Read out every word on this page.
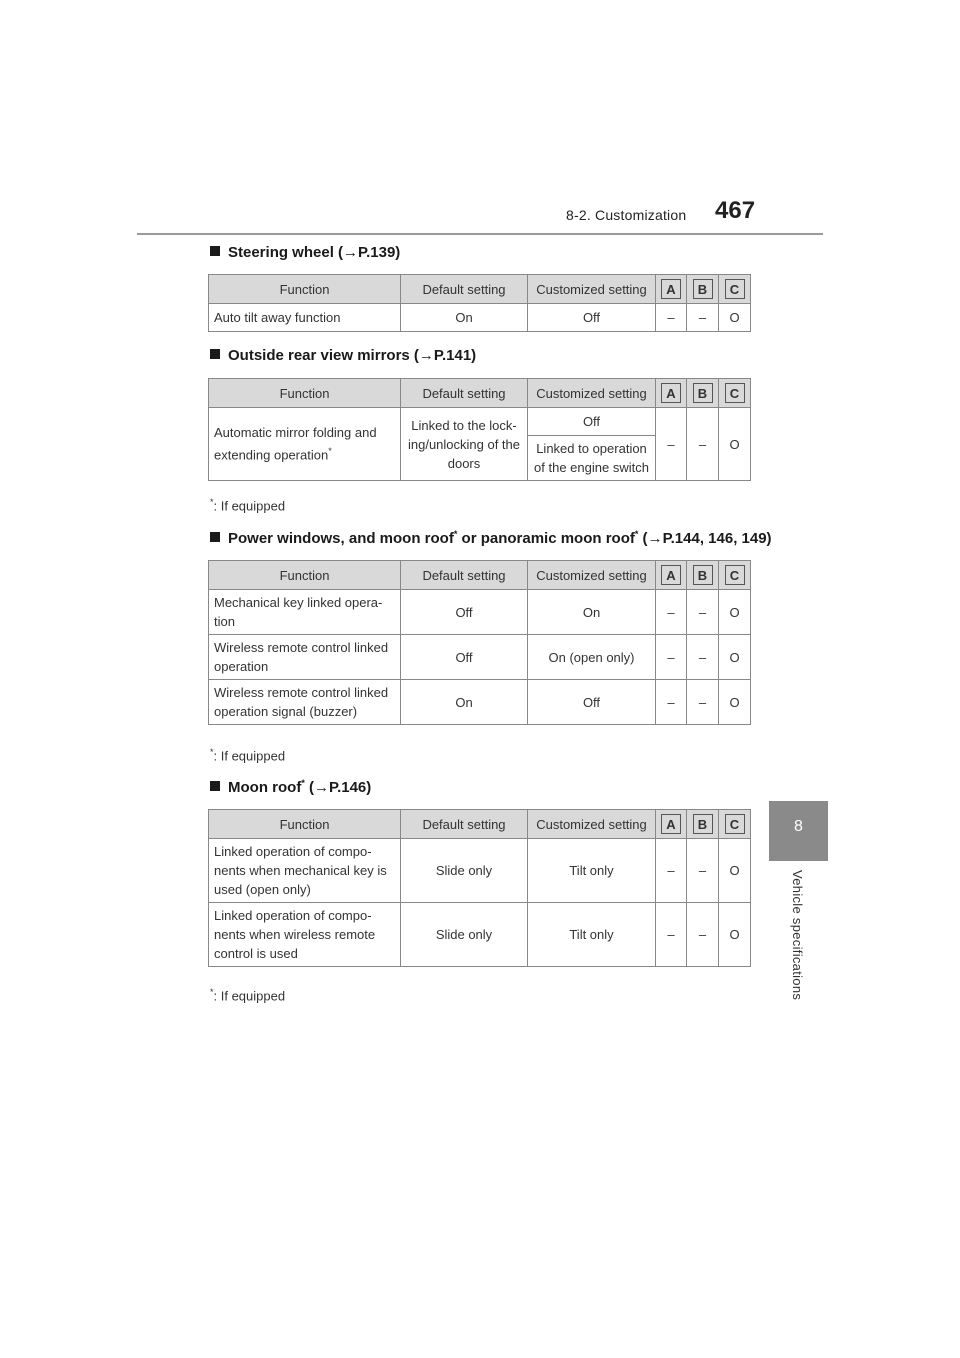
8-2. Customization 467
8
Vehicle specifications
Steering wheel (→P.139)
Function	Default setting	Customized setting	A	B	C
Auto tilt away function	On	Off	–	–	O
Outside rear view mirrors (→P.141)
Function	Default setting	Customized setting	A	B	C
Automatic mirror folding and extending operation*	Linked to the lock-ing/unlocking of the doors	Off	–	–	O
		Linked to operation of the engine switch			
*: If equipped
Power windows, and moon roof* or panoramic moon roof* (→P.144, 146, 149)
Function	Default setting	Customized setting	A	B	C
Mechanical key linked opera-tion	Off	On	–	–	O
Wireless remote control linked operation	Off	On (open only)	–	–	O
Wireless remote control linked operation signal (buzzer)	On	Off	–	–	O
*: If equipped
Moon roof* (→P.146)
Function	Default setting	Customized setting	A	B	C
Linked operation of compo-nents when mechanical key is used (open only)	Slide only	Tilt only	–	–	O
Linked operation of compo-nents when wireless remote control is used	Slide only	Tilt only	–	–	O
*: If equipped
